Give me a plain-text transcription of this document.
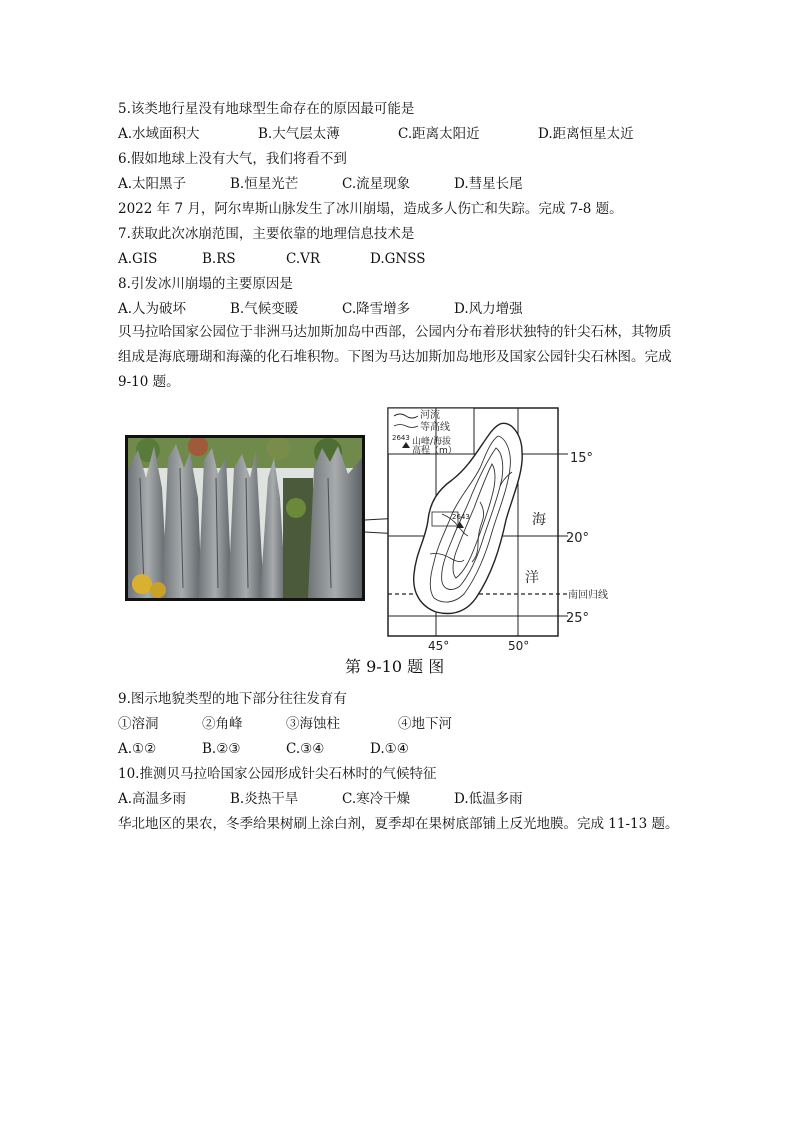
5.该类地行星没有地球型生命存在的原因最可能是
A.水域面积大	B.大气层太薄	C.距离太阳近	D.距离恒星太近
6.假如地球上没有大气，我们将看不到
A.太阳黑子	B.恒星光芒	C.流星现象	D.彗星长尾
2022 年 7 月，阿尔卑斯山脉发生了冰川崩塌，造成多人伤亡和失踪。完成 7-8 题。
7.获取此次冰崩范围，主要依靠的地理信息技术是
A.GIS	B.RS	C.VR	D.GNSS
8.引发冰川崩塌的主要原因是
A.人为破坏	B.气候变暖	C.降雪增多	D.风力增强
贝马拉哈国家公园位于非洲马达加斯加岛中西部，公园内分布着形状独特的针尖石林，其物质组成是海底珊瑚和海藻的化石堆积物。下图为马达加斯加岛地形及国家公园针尖石林图。完成 9-10 题。
河流
等高线
2643 山峰/海拔
高程（m）
2643	海
洋
15°
20°
南回归线
25°
45°	50°
第 9-10 题 图
9.图示地貌类型的地下部分往往发育有
①溶洞	②角峰	③海蚀柱	④地下河
A.①②	B.②③	C.③④	D.①④
10.推测贝马拉哈国家公园形成针尖石林时的气候特征
A.高温多雨	B.炎热干旱	C.寒冷干燥	D.低温多雨
华北地区的果农，冬季给果树刷上涂白剂，夏季却在果树底部铺上反光地膜。完成 11-13 题。
